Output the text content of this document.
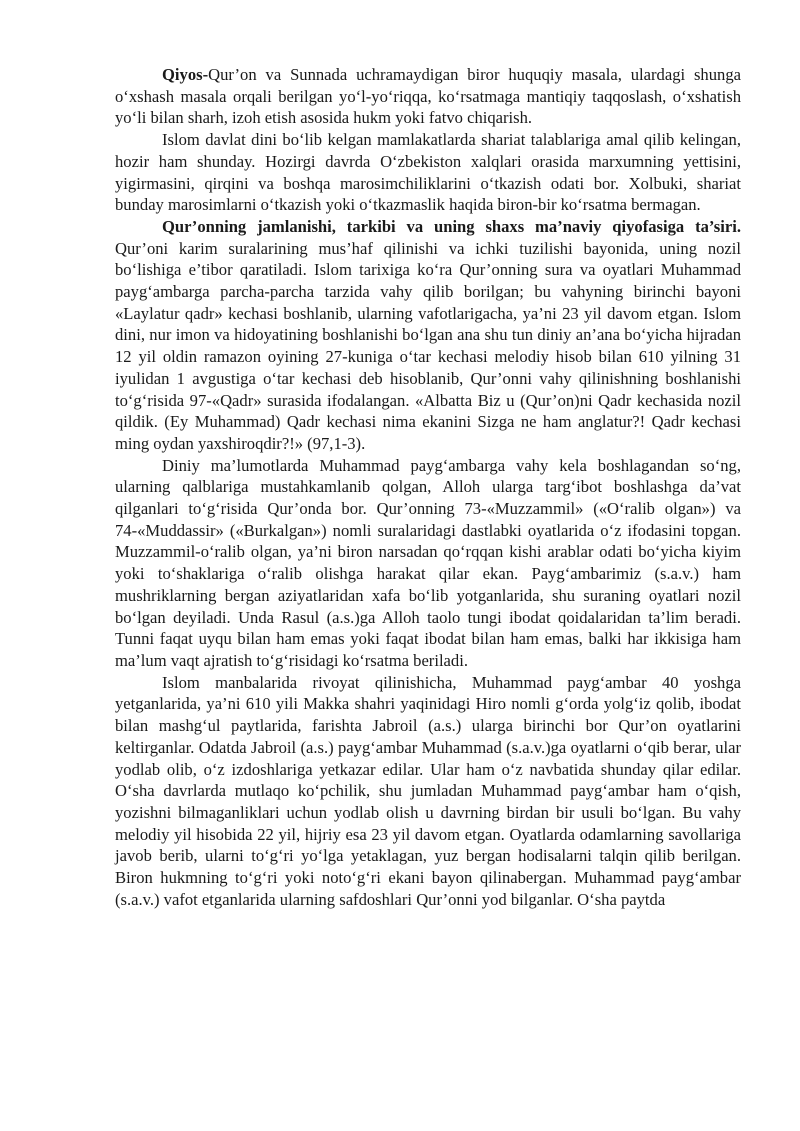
Qiyos-Qur’on va Sunnada uchramaydigan biror huquqiy masala, ulardagi shunga o‘xshash masala orqali berilgan yo‘l-yo‘riqqa, ko‘rsatmaga mantiqiy taqqoslash, o‘xshatish yo‘li bilan sharh, izoh etish asosida hukm yoki fatvo chiqarish.

Islom davlat dini bo‘lib kelgan mamlakatlarda shariat talablariga amal qilib kelingan, hozir ham shunday. Hozirgi davrda O‘zbekiston xalqlari orasida marxumning yettisini, yigirmasini, qirqini va boshqa marosimchiliklarini o‘tkazish odati bor. Xolbuki, shariat bunday marosimlarni o‘tkazish yoki o‘tkazmaslik haqida biron-bir ko‘rsatma bermagan.

Qur’onning jamlanishi, tarkibi va uning shaxs ma’naviy qiyofasiga ta’siri. Qur’oni karim suralarining mus’haf qilinishi va ichki tuzilishi bayonida, uning nozil bo‘lishiga e’tibor qaratiladi. Islom tarixiga ko‘ra Qur’onning sura va oyatlari Muhammad payg‘ambarga parcha-parcha tarzida vahy qilib borilgan; bu vahyning birinchi bayoni «Laylatur qadr» kechasi boshlanib, ularning vafotlarigacha, ya’ni 23 yil davom etgan. Islom dini, nur imon va hidoyatining boshlanishi bo‘lgan ana shu tun diniy an’ana bo‘yicha hijradan 12 yil oldin ramazon oyining 27-kuniga o‘tar kechasi melodiy hisob bilan 610 yilning 31 iyulidan 1 avgustiga o‘tar kechasi deb hisoblanib, Qur’onni vahy qilinishning boshlanishi to‘g‘risida 97-«Qadr» surasida ifodalangan. «Albatta Biz u (Qur’on)ni Qadr kechasida nozil qildik. (Ey Muhammad) Qadr kechasi nima ekanini Sizga ne ham anglatur?! Qadr kechasi ming oydan yaxshiroqdir?!» (97,1-3).

Diniy ma’lumotlarda Muhammad payg‘ambarga vahy kela boshlagandan so‘ng, ularning qalblariga mustahkamlanib qolgan, Alloh ularga targ‘ibot boshlashga da’vat qilganlari to‘g‘risida Qur’onda bor. Qur’onning 73-«Muzzammil» («O‘ralib olgan») va 74-«Muddassir» («Burkalgan») nomli suralaridagi dastlabki oyatlarida o‘z ifodasini topgan. Muzzammil-o‘ralib olgan, ya’ni biron narsadan qo‘rqqan kishi arablar odati bo‘yicha kiyim yoki to‘shaklariga o‘ralib olishga harakat qilar ekan. Payg‘ambarimiz (s.a.v.) ham mushriklarning bergan aziyatlaridan xafa bo‘lib yotganlarida, shu suraning oyatlari nozil bo‘lgan deyiladi. Unda Rasul (a.s.)ga Alloh taolo tungi ibodat qoidalaridan ta’lim beradi. Tunni faqat uyqu bilan ham emas yoki faqat ibodat bilan ham emas, balki har ikkisiga ham ma’lum vaqt ajratish to‘g‘risidagi ko‘rsatma beriladi.

Islom manbalarida rivoyat qilinishicha, Muhammad payg‘ambar 40 yoshga yetganlarida, ya’ni 610 yili Makka shahri yaqinidagi Hiro nomli g‘orda yolg‘iz qolib, ibodat bilan mashg‘ul paytlarida, farishta Jabroil (a.s.) ularga birinchi bor Qur’on oyatlarini keltirganlar. Odatda Jabroil (a.s.) payg‘ambar Muhammad (s.a.v.)ga oyatlarni o‘qib berar, ular yodlab olib, o‘z izdoshlariga yetkazar edilar. Ular ham o‘z navbatida shunday qilar edilar. O‘sha davrlarda mutlaqo ko‘pchilik, shu jumladan Muhammad payg‘ambar ham o‘qish, yozishni bilmaganliklari uchun yodlab olish u davrning birdan bir usuli bo‘lgan. Bu vahy melodiy yil hisobida 22 yil, hijriy esa 23 yil davom etgan. Oyatlarda odamlarning savollariga javob berib, ularni to‘g‘ri yo‘lga yetaklagan, yuz bergan hodisalarni talqin qilib berilgan. Biron hukmning to‘g‘ri yoki noto‘g‘ri ekani bayon qilinabergan. Muhammad payg‘ambar (s.a.v.) vafot etganlarida ularning safdoshlari Qur’onni yod bilganlar. O‘sha paytda
